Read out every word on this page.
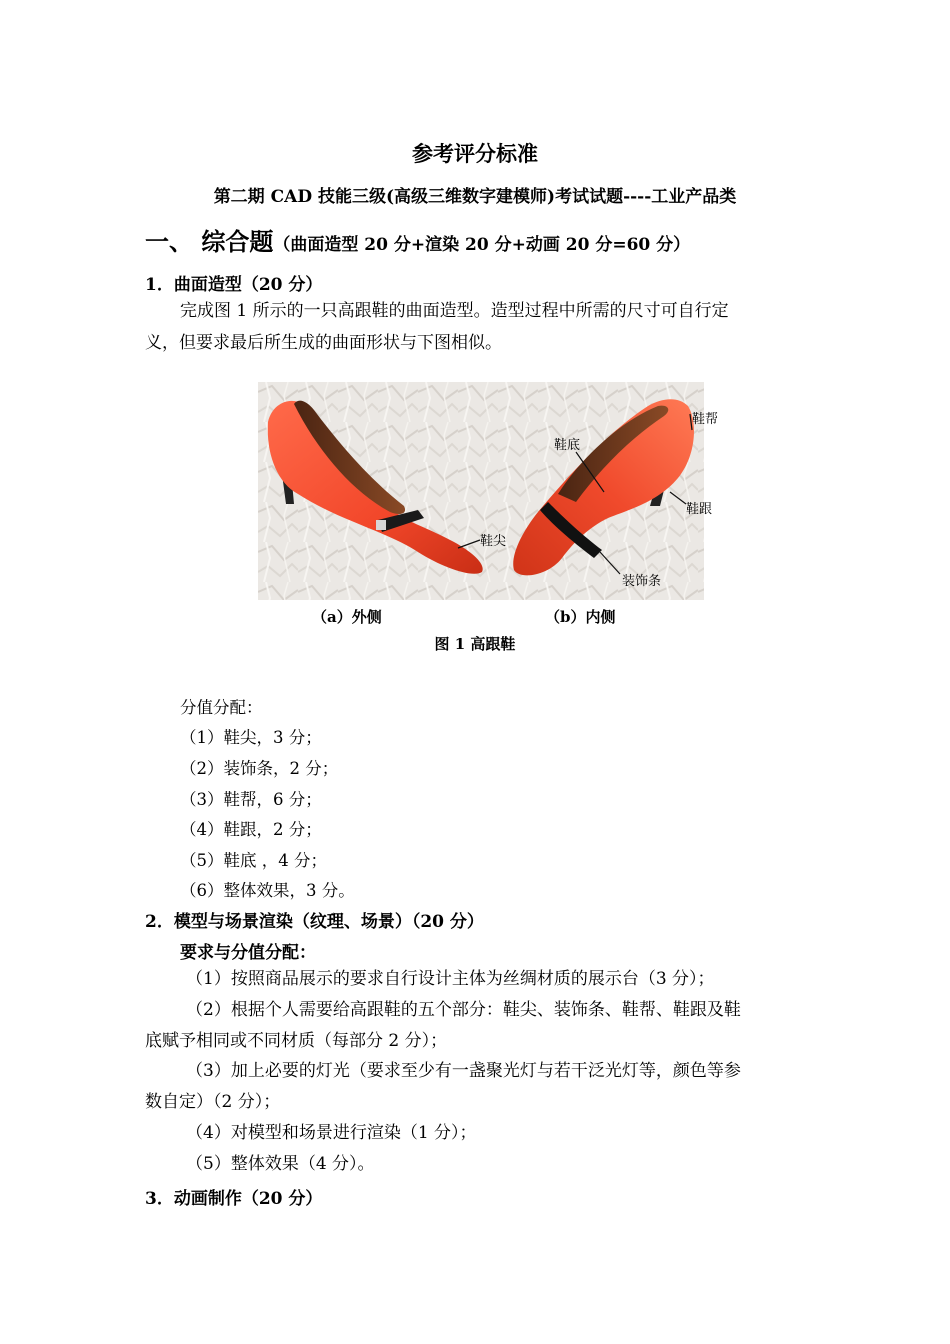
参考评分标准
第二期 CAD 技能三级(高级三维数字建模师)考试试题----工业产品类
一、 综合题（曲面造型 20 分+渲染 20 分+动画 20 分=60 分）
1．曲面造型（20 分）
完成图 1 所示的一只高跟鞋的曲面造型。造型过程中所需的尺寸可自行定
义，但要求最后所生成的曲面形状与下图相似。
鞋尖
鞋底
鞋帮
鞋跟
装饰条
（a）外侧	（b）内侧
图 1 高跟鞋
分值分配：
（1）鞋尖，3 分；
（2）装饰条，2 分；
（3）鞋帮，6 分；
（4）鞋跟，2 分；
（5）鞋底 ，4 分；
（6）整体效果，3 分。
2．模型与场景渲染（纹理、场景）（20 分）
要求与分值分配：
（1）按照商品展示的要求自行设计主体为丝绸材质的展示台（3 分）；
（2）根据个人需要给高跟鞋的五个部分：鞋尖、装饰条、鞋帮、鞋跟及鞋
底赋予相同或不同材质（每部分 2 分）；
（3）加上必要的灯光（要求至少有一盏聚光灯与若干泛光灯等，颜色等参
数自定）（2 分）；
（4）对模型和场景进行渲染（1 分）；
（5）整体效果（4 分）。
3．动画制作（20 分）
